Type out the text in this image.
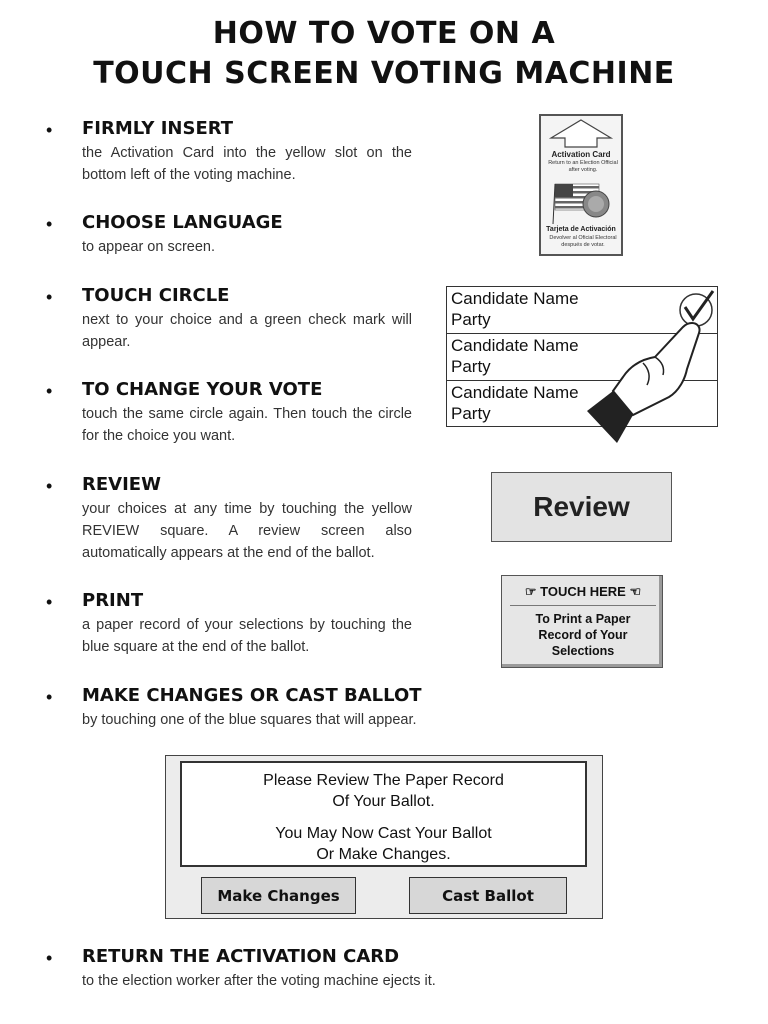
HOW TO VOTE ON A
TOUCH SCREEN VOTING MACHINE
• FIRMLY INSERT
the Activation Card into the yellow slot on the bottom left of the voting machine.
• CHOOSE LANGUAGE
to appear on screen.
• TOUCH CIRCLE
next to your choice and a green check mark will appear.
• TO CHANGE YOUR VOTE
touch the same circle again. Then touch the circle for the choice you want.
• REVIEW
your choices at any time by touching the yellow REVIEW square. A review screen also automatically appears at the end of the ballot.
• PRINT
a paper record of your selections by touching the blue square at the end of the ballot.
• MAKE CHANGES OR CAST BALLOT
by touching one of the blue squares that will appear.
• RETURN THE ACTIVATION CARD
to the election worker after the voting machine ejects it.
Activation Card
Return to an Election Official after voting.
Tarjeta de Activación
Devolver al Oficial Electoral después de votar.
Candidate Name
Party
Candidate Name
Party
Candidate Name
Party
Review
☞ TOUCH HERE ☜
To Print a Paper
Record of Your
Selections
Please Review The Paper Record
Of Your Ballot.
You May Now Cast Your Ballot
Or Make Changes.
Make Changes	Cast Ballot
